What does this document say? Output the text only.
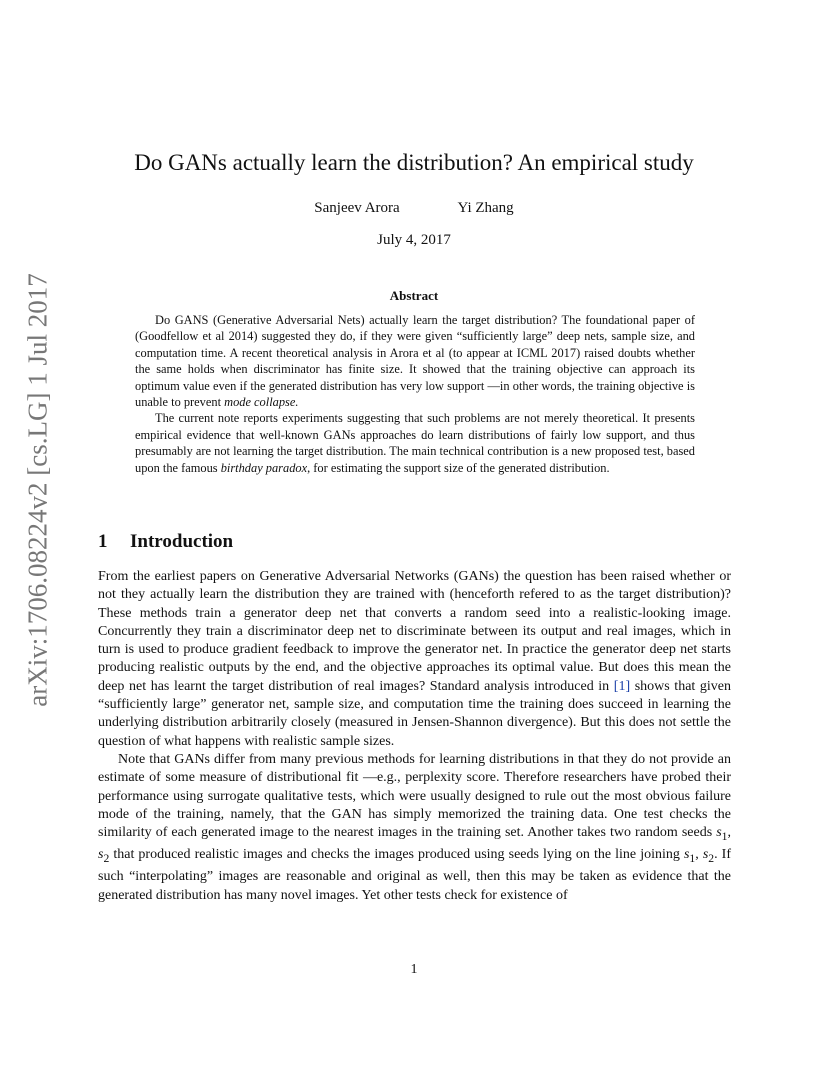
arXiv:1706.08224v2 [cs.LG] 1 Jul 2017
Do GANs actually learn the distribution? An empirical study
Sanjeev Arora	Yi Zhang
July 4, 2017
Abstract

Do GANS (Generative Adversarial Nets) actually learn the target distribution? The foundational paper of (Goodfellow et al 2014) suggested they do, if they were given “sufficiently large” deep nets, sample size, and computation time. A recent theoretical analysis in Arora et al (to appear at ICML 2017) raised doubts whether the same holds when discriminator has finite size. It showed that the training objective can approach its optimum value even if the generated distribution has very low support —in other words, the training objective is unable to prevent mode collapse.

The current note reports experiments suggesting that such problems are not merely theoretical. It presents empirical evidence that well-known GANs approaches do learn distributions of fairly low support, and thus presumably are not learning the target distribution. The main technical contribution is a new proposed test, based upon the famous birthday paradox, for estimating the support size of the generated distribution.

1 Introduction

From the earliest papers on Generative Adversarial Networks (GANs) the question has been raised whether or not they actually learn the distribution they are trained with (henceforth refered to as the target distribution)? These methods train a generator deep net that converts a random seed into a realistic-looking image. Concurrently they train a discriminator deep net to discriminate between its output and real images, which in turn is used to produce gradient feedback to improve the generator net. In practice the generator deep net starts producing realistic outputs by the end, and the objective approaches its optimal value. But does this mean the deep net has learnt the target distribution of real images? Standard analysis introduced in [1] shows that given “sufficiently large” generator net, sample size, and computation time the training does succeed in learning the underlying distribution arbitrarily closely (measured in Jensen-Shannon divergence). But this does not settle the question of what happens with realistic sample sizes.

Note that GANs differ from many previous methods for learning distributions in that they do not provide an estimate of some measure of distributional fit —e.g., perplexity score. Therefore researchers have probed their performance using surrogate qualitative tests, which were usually designed to rule out the most obvious failure mode of the training, namely, that the GAN has simply memorized the training data. One test checks the similarity of each generated image to the nearest images in the training set. Another takes two random seeds $s_1$, $s_2$ that produced realistic images and checks the images produced using seeds lying on the line joining $s_1$, $s_2$. If such “interpolating” images are reasonable and original as well, then this may be taken as evidence that the generated distribution has many novel images. Yet other tests check for existence of

1
